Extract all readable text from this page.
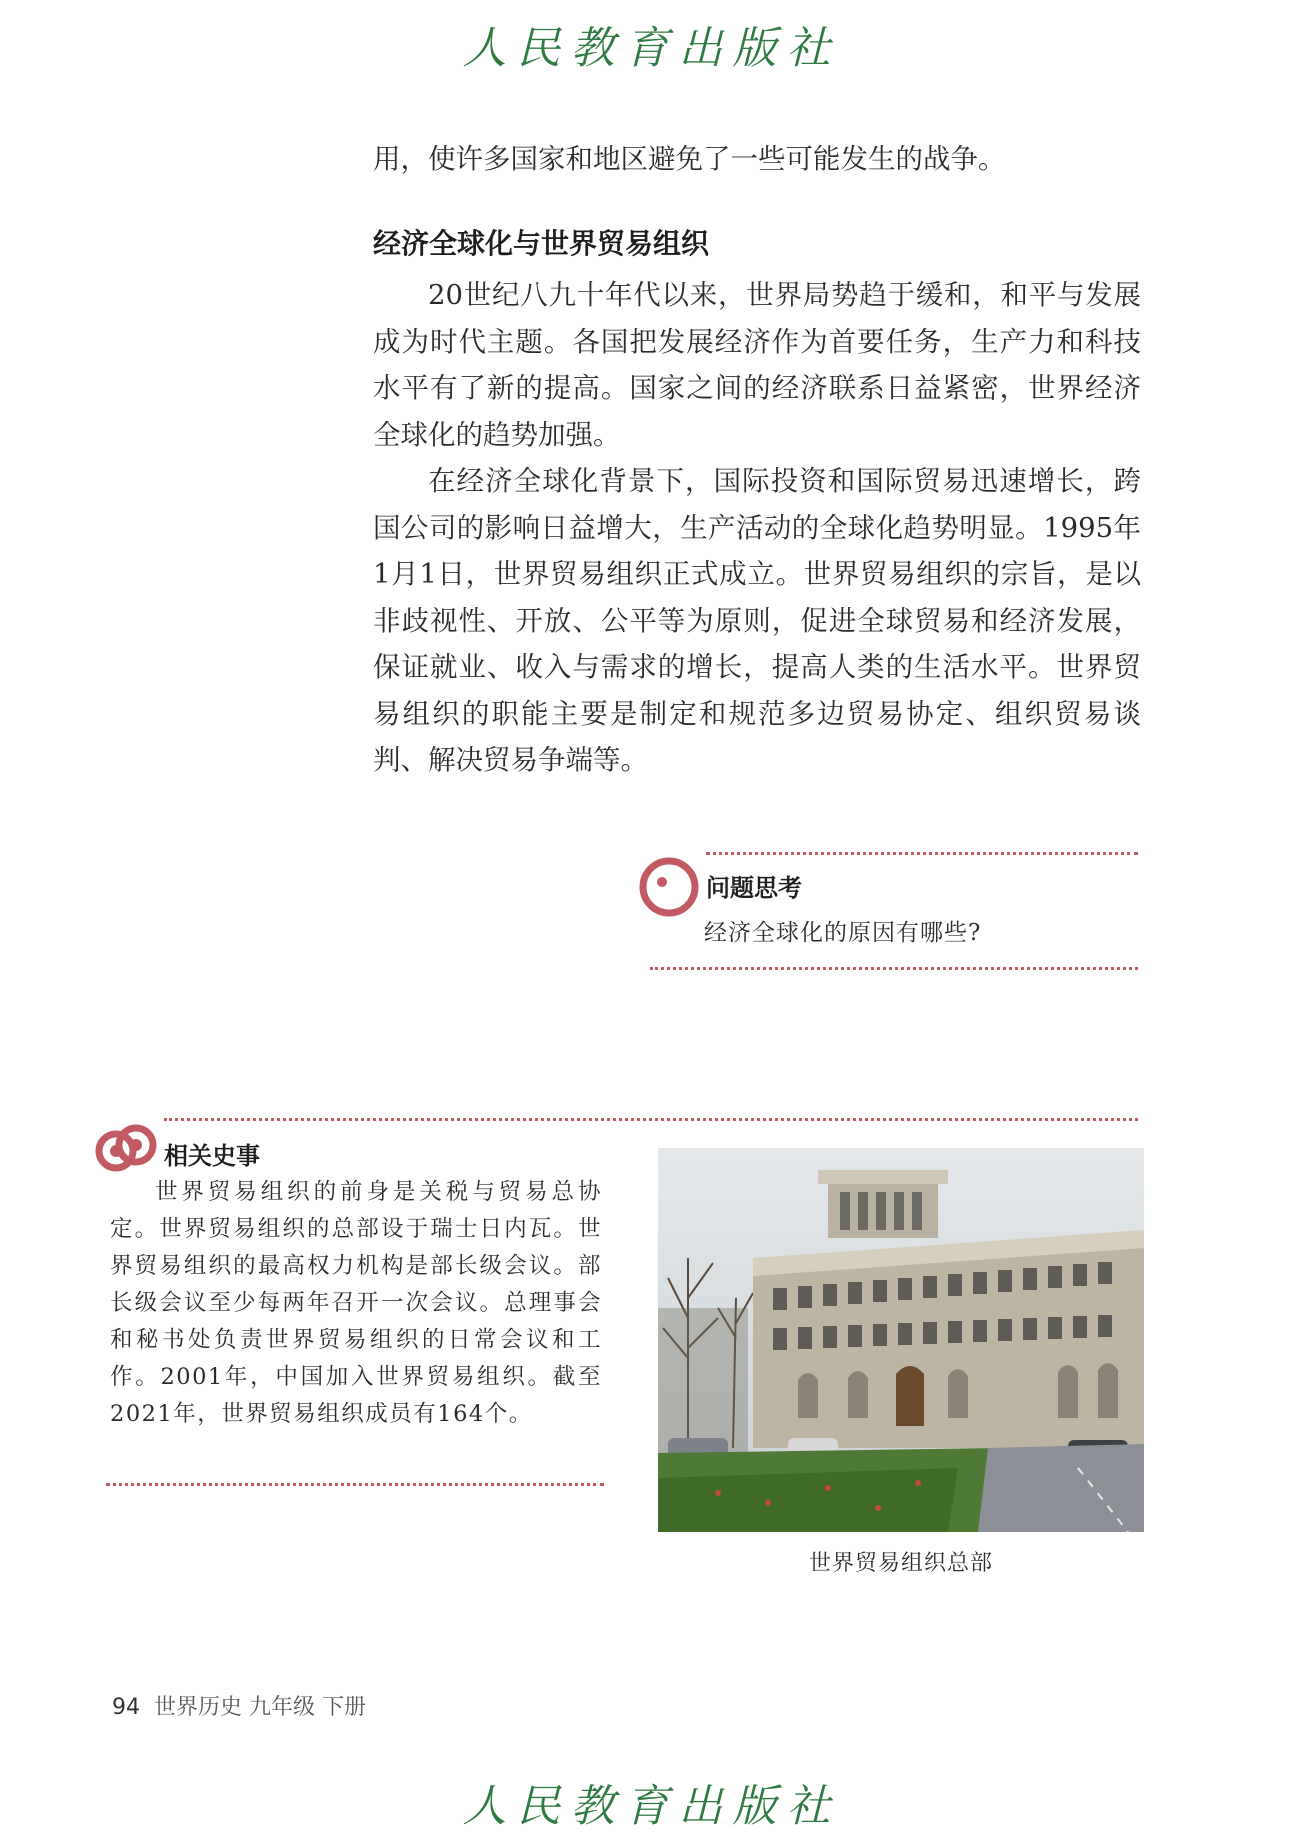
人民教育出版社

用，使许多国家和地区避免了一些可能发生的战争。

经济全球化与世界贸易组织

20世纪八九十年代以来，世界局势趋于缓和，和平与发展成为时代主题。各国把发展经济作为首要任务，生产力和科技水平有了新的提高。国家之间的经济联系日益紧密，世界经济全球化的趋势加强。

在经济全球化背景下，国际投资和国际贸易迅速增长，跨国公司的影响日益增大，生产活动的全球化趋势明显。1995年1月1日，世界贸易组织正式成立。世界贸易组织的宗旨，是以非歧视性、开放、公平等为原则，促进全球贸易和经济发展，保证就业、收入与需求的增长，提高人类的生活水平。世界贸易组织的职能主要是制定和规范多边贸易协定、组织贸易谈判、解决贸易争端等。

问题思考

经济全球化的原因有哪些?

相关史事

世界贸易组织的前身是关税与贸易总协定。世界贸易组织的总部设于瑞士日内瓦。世界贸易组织的最高权力机构是部长级会议。部长级会议至少每两年召开一次会议。总理事会和秘书处负责世界贸易组织的日常会议和工作。2001年，中国加入世界贸易组织。截至2021年，世界贸易组织成员有164个。

世界贸易组织总部

94 世界历史 九年级 下册

人民教育出版社
